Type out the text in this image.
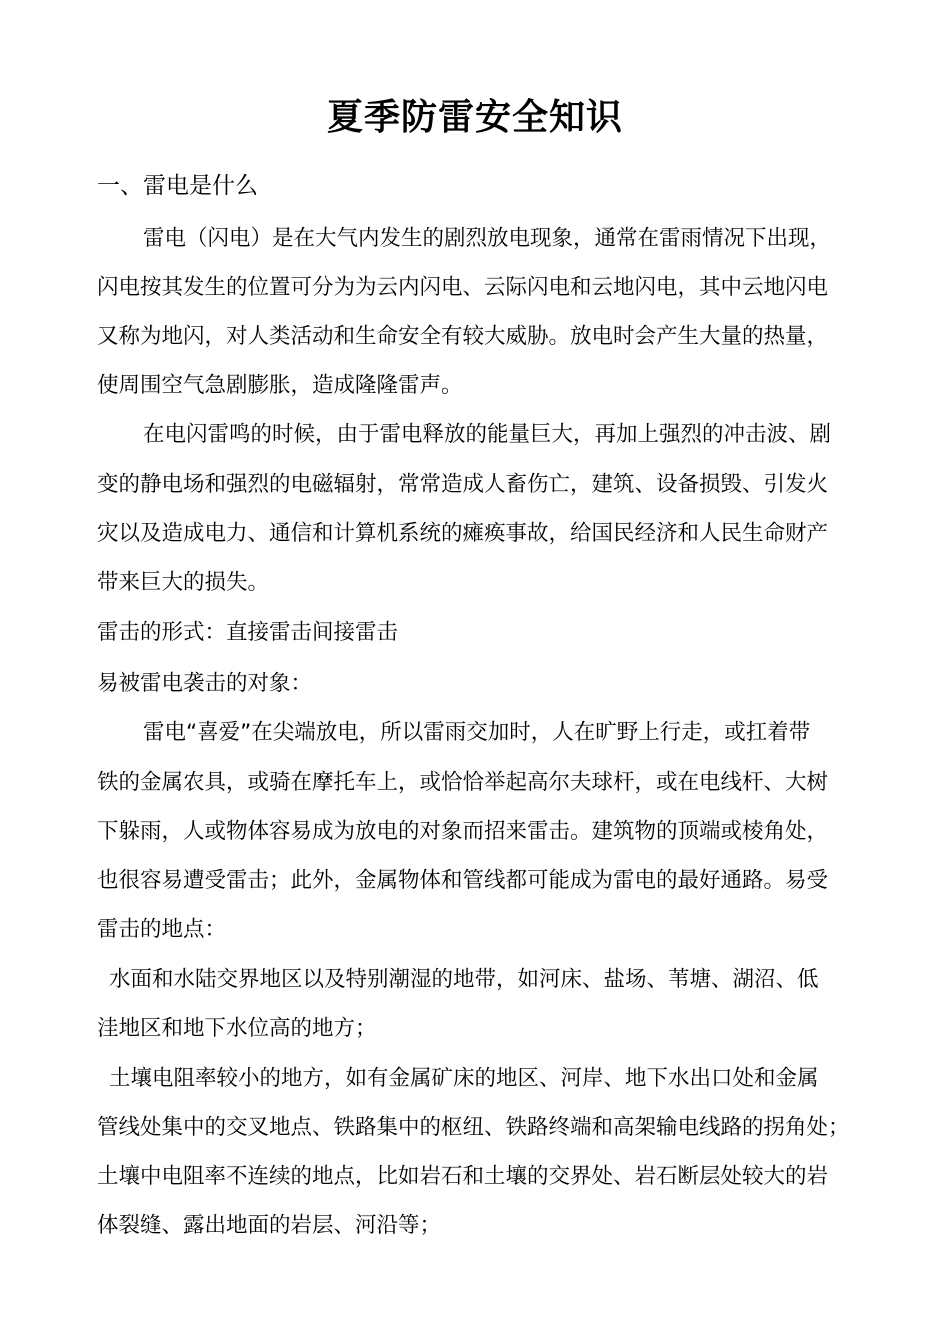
夏季防雷安全知识
一、雷电是什么
雷电（闪电）是在大气内发生的剧烈放电现象，通常在雷雨情况下出现，
闪电按其发生的位置可分为为云内闪电、云际闪电和云地闪电，其中云地闪电
又称为地闪，对人类活动和生命安全有较大威胁。放电时会产生大量的热量，
使周围空气急剧膨胀，造成隆隆雷声。
在电闪雷鸣的时候，由于雷电释放的能量巨大，再加上强烈的冲击波、剧
变的静电场和强烈的电磁辐射，常常造成人畜伤亡，建筑、设备损毁、引发火
灾以及造成电力、通信和计算机系统的瘫痪事故，给国民经济和人民生命财产
带来巨大的损失。
雷击的形式：直接雷击间接雷击
易被雷电袭击的对象：
雷电“喜爱”在尖端放电，所以雷雨交加时，人在旷野上行走，或扛着带
铁的金属农具，或骑在摩托车上，或恰恰举起高尔夫球杆，或在电线杆、大树
下躲雨，人或物体容易成为放电的对象而招来雷击。建筑物的顶端或棱角处，
也很容易遭受雷击；此外，金属物体和管线都可能成为雷电的最好通路。易受
雷击的地点：
水面和水陆交界地区以及特别潮湿的地带，如河床、盐场、苇塘、湖沼、低
洼地区和地下水位高的地方；
土壤电阻率较小的地方，如有金属矿床的地区、河岸、地下水出口处和金属
管线处集中的交叉地点、铁路集中的枢纽、铁路终端和高架输电线路的拐角处；
土壤中电阻率不连续的地点，比如岩石和土壤的交界处、岩石断层处较大的岩
体裂缝、露出地面的岩层、河沿等；
